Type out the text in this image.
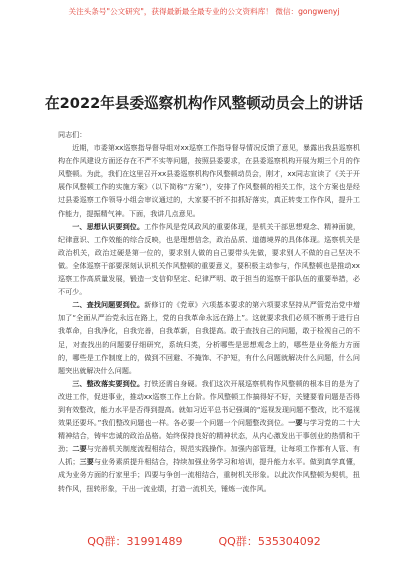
关注头条号"公文研究"，获得最新最全最专业的公文资料库！ 微信：gongwenyj
在2022年县委巡察机构作风整顿动员会上的讲话

同志们：

近期，市委第xx巡察指导督导组对xx巡察工作指导督导情况反馈了意见，暴露出我县巡察机构在作风建设方面还存在不严不实等问题，按照县委要求，在县委巡察机构开展为期三个月的作风整顿。为此，我们在这里召开xx县委巡察机构作风整顿动员会，刚才，xx同志宣读了《关于开展作风整顿工作的实施方案》（以下简称“方案”），安排了作风整顿的相关工作，这个方案也是经过县委巡察工作领导小组会审议通过的，大家要不折不扣抓好落实，真正转变工作作风，提升工作能力，提振精气神。下面，我讲几点意见。

一、思想认识要到位。工作作风是党风政风的重要体现，是机关干部思想观念、精神面貌，纪律意识、工作效能的综合反映，也是理想信念，政治品质、道德境界的具体体现。巡察机关是政治机关，政治过硬是第一位的，要求别人做的自己要带头先做，要求别人不做的自己坚决不做。全体巡察干部要深刻认识机关作风整顿的重要意义，要积极主动参与，作风整顿也是推动xx巡察工作高质量发展，锻造一支信仰坚定、纪律严明、敢于担当的巡察干部队伍的重要举措，必不可少。

二、查找问题要到位。新修订的《党章》六项基本要求的第六项要求坚持从严管党治党中增加了“全面从严治党永远在路上，党的自我革命永远在路上”。这就要求我们必须不断勇于进行自我革命，自我净化，自我完善，自我革新，自我提高。敢于查找自己的问题，敢于检视自己的不足，对查找出的问题要仔细研究，系统归类，分析哪些是思想观念上的，哪些是业务能力方面的，哪些是工作制度上的，做到不回避、不掩饰、不护短，有什么问题就解决什么问题，什么问题突出就解决什么问题。

三、整改落实要到位。打铁还需自身硬。我们这次开展巡察机构作风整顿的根本目的是为了改进工作，促进事业，推动xx巡察工作上台阶。作风整顿工作搞得好不好，关键要看问题是否得到有效整改，能力水平是否得到提高。就如习近平总书记强调的“巡视发现问题不整改，比不巡视效果还要坏。”我们整改问题也一样。各必要一个问题一个问题整改到位。一要与学习党的二十大精神结合，铸牢忠诚的政治品格。始终保持良好的精神状态，从内心激发出干事创业的热情和干劲；二要与完善机关制度流程相结合，规范实践操作。加强内部管理，让每项工作都有人管、有人抓；三要与业务素质提升相结合，持续加强业务学习和培训，提升能力水平。做到真学真懂，成为业务方面的行家里手；四要与争创一流相结合，重树机关形象。以此次作风整顿为契机，扭转作风，扭转形象，干出一流业绩，打造一流机关，锤炼一流作风。

QQ群：31991489	QQ群：535304092
